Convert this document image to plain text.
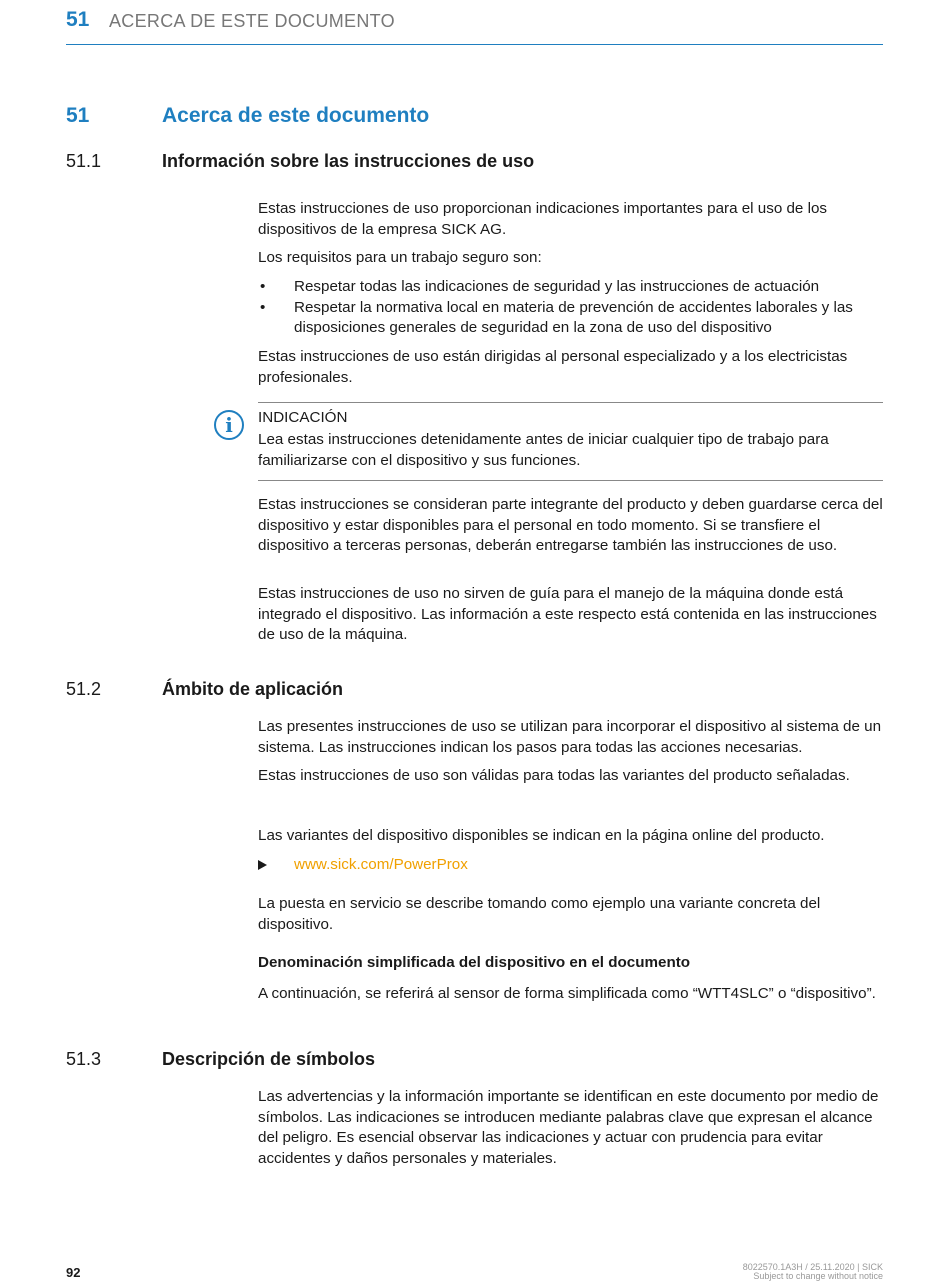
51 ACERCA DE ESTE DOCUMENTO
51	Acerca de este documento
51.1	Información sobre las instrucciones de uso

Estas instrucciones de uso proporcionan indicaciones importantes para el uso de los dispositivos de la empresa SICK AG.

Los requisitos para un trabajo seguro son:

• Respetar todas las indicaciones de seguridad y las instrucciones de actuación
• Respetar la normativa local en materia de prevención de accidentes laborales y las disposiciones generales de seguridad en la zona de uso del dispositivo

Estas instrucciones de uso están dirigidas al personal especializado y a los electricistas profesionales.

i	INDICACIÓN

Lea estas instrucciones detenidamente antes de iniciar cualquier tipo de trabajo para familiarizarse con el dispositivo y sus funciones.

Estas instrucciones se consideran parte integrante del producto y deben guardarse cerca del dispositivo y estar disponibles para el personal en todo momento. Si se transfiere el dispositivo a terceras personas, deberán entregarse también las instrucciones de uso.

Estas instrucciones de uso no sirven de guía para el manejo de la máquina donde está integrado el dispositivo. Las información a este respecto está contenida en las instrucciones de uso de la máquina.

51.2	Ámbito de aplicación

Las presentes instrucciones de uso se utilizan para incorporar el dispositivo al sistema de un sistema. Las instrucciones indican los pasos para todas las acciones necesarias.

Estas instrucciones de uso son válidas para todas las variantes del producto señaladas.

Las variantes del dispositivo disponibles se indican en la página online del producto.

www.sick.com/PowerProx

La puesta en servicio se describe tomando como ejemplo una variante concreta del dispositivo.

Denominación simplificada del dispositivo en el documento

A continuación, se referirá al sensor de forma simplificada como “WTT4SLC” o “dispositivo”.

51.3	Descripción de símbolos

Las advertencias y la información importante se identifican en este documento por medio de símbolos. Las indicaciones se introducen mediante palabras clave que expresan el alcance del peligro. Es esencial observar las indicaciones y actuar con prudencia para evitar accidentes y daños personales y materiales.

92	8022570.1A3H / 25.11.2020 | SICK
Subject to change without notice
